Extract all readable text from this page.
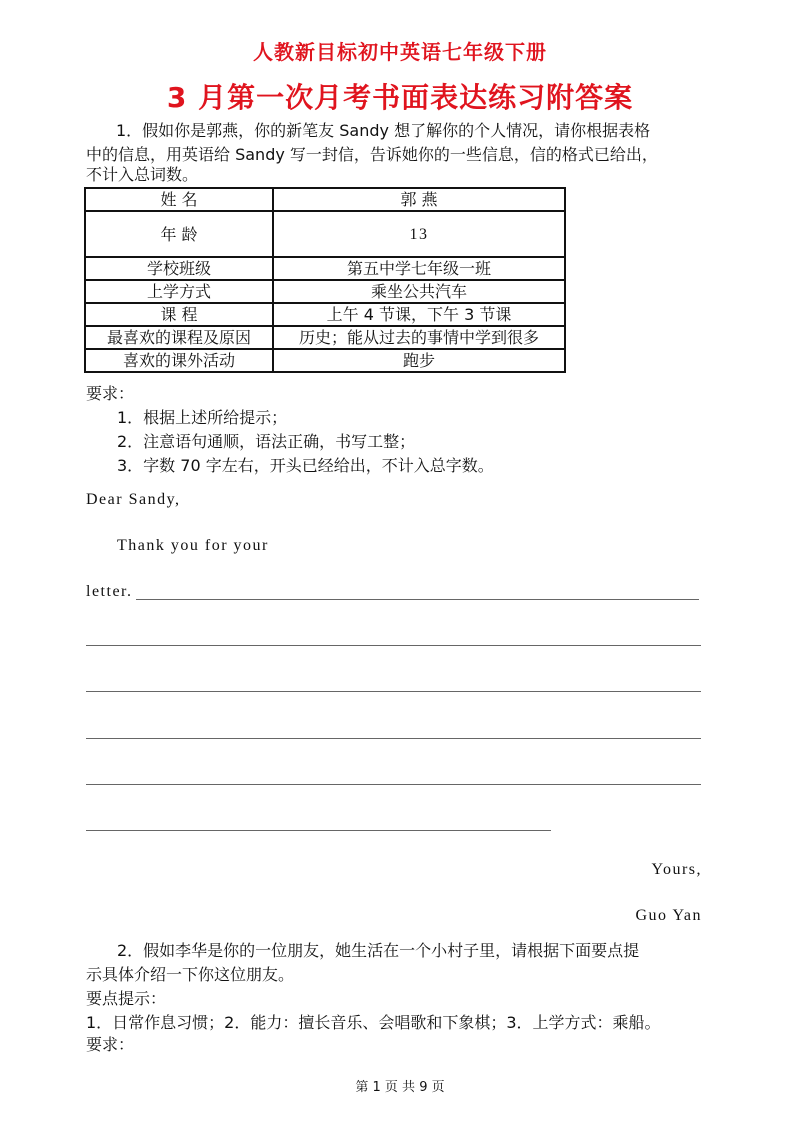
人教新目标初中英语七年级下册
3 月第一次月考书面表达练习附答案
1．假如你是郭燕，你的新笔友 Sandy 想了解你的个人情况，请你根据表格
中的信息，用英语给 Sandy 写一封信，告诉她你的一些信息，信的格式已给出，
不计入总词数。
姓 名	郭 燕
年 龄	13
学校班级	第五中学七年级一班
上学方式	乘坐公共汽车
课 程	上午 4 节课，下午 3 节课
最喜欢的课程及原因	历史；能从过去的事情中学到很多
喜欢的课外活动	跑步
要求：
1．根据上述所给提示；
2．注意语句通顺，语法正确，书写工整；
3．字数 70 字左右，开头已经给出，不计入总字数。
Dear Sandy,
Thank you for your
letter.
Yours,
Guo Yan
2．假如李华是你的一位朋友，她生活在一个小村子里，请根据下面要点提
示具体介绍一下你这位朋友。
要点提示：
1．日常作息习惯；2．能力：擅长音乐、会唱歌和下象棋；3．上学方式：乘船。
要求：
第 1 页 共 9 页
